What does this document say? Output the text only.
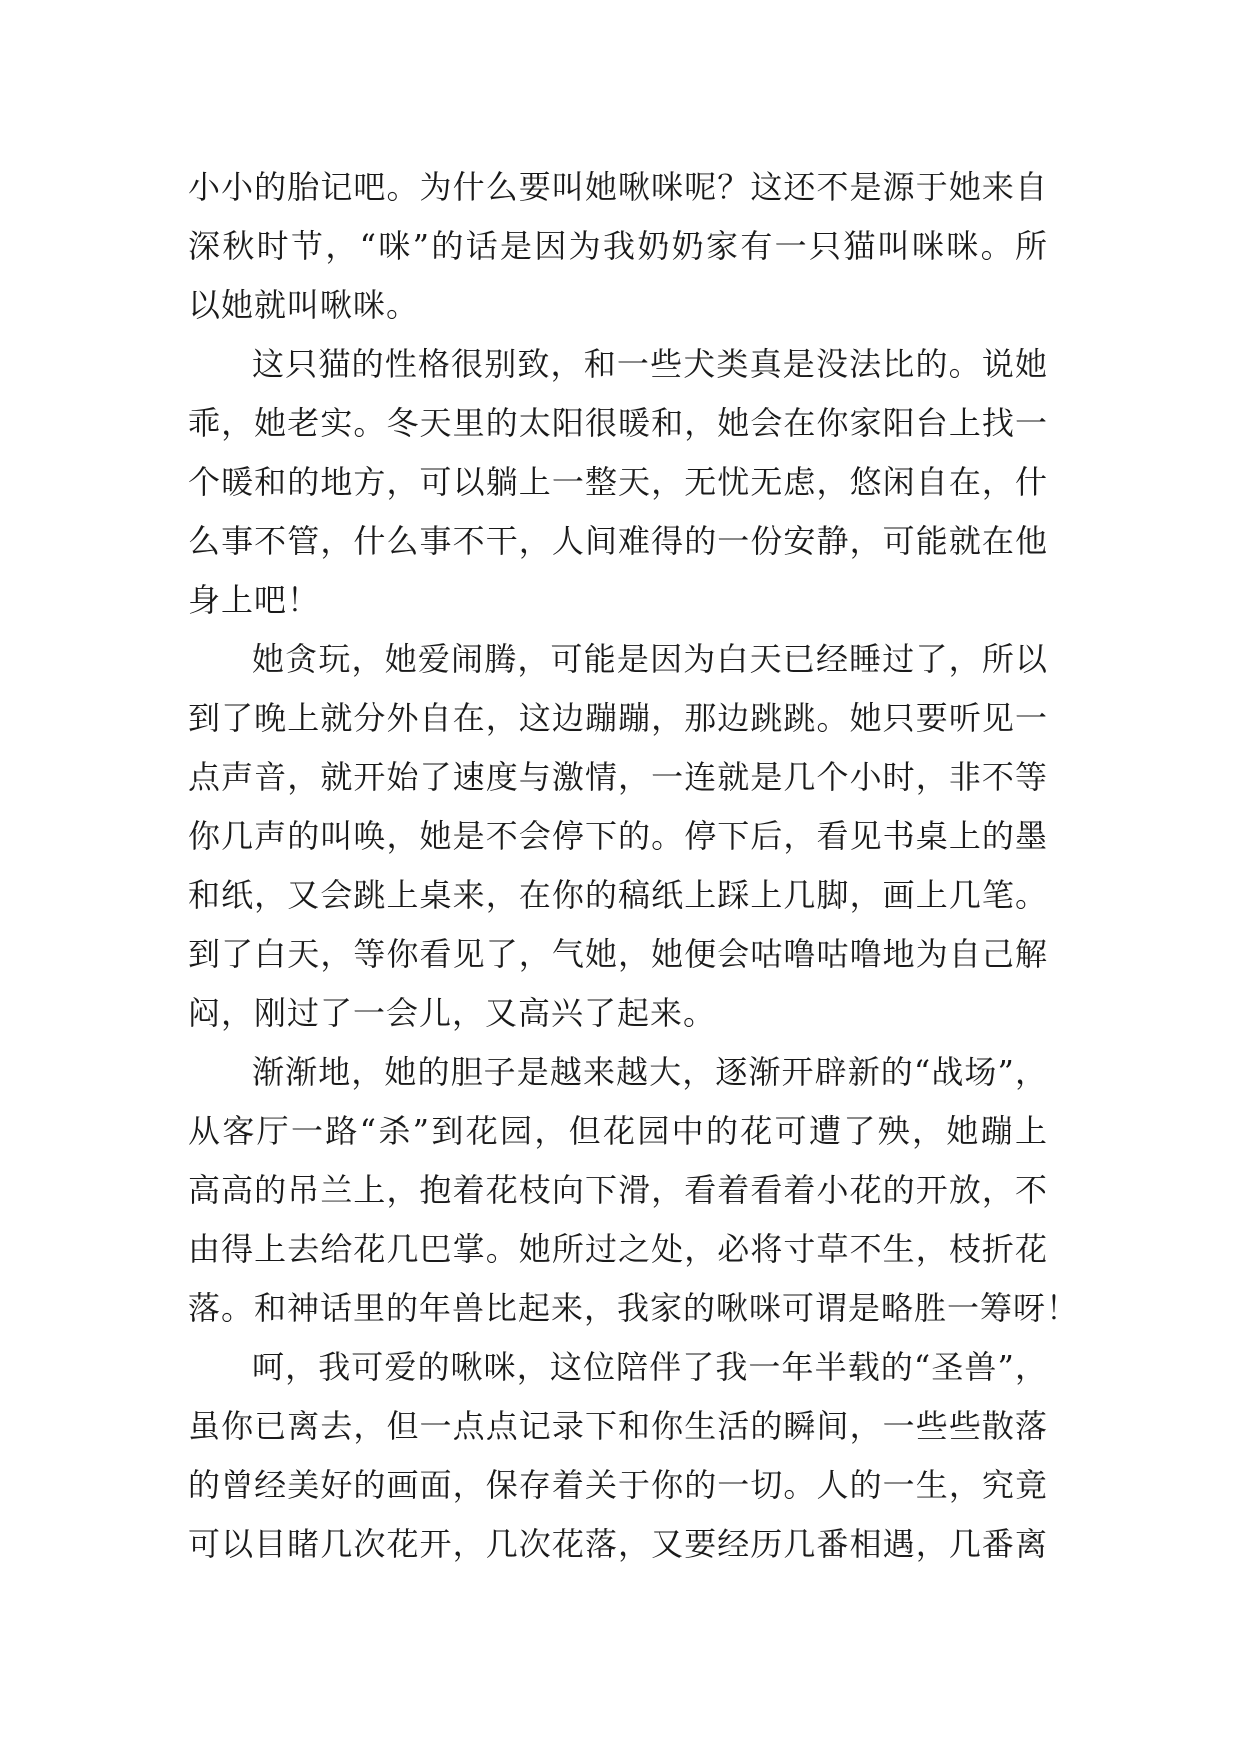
小小的胎记吧。为什么要叫她啾咪呢？这还不是源于她来自
深秋时节，“咪”的话是因为我奶奶家有一只猫叫咪咪。所
以她就叫啾咪。
这只猫的性格很别致，和一些犬类真是没法比的。说她
乖，她老实。冬天里的太阳很暖和，她会在你家阳台上找一
个暖和的地方，可以躺上一整天，无忧无虑，悠闲自在，什
么事不管，什么事不干，人间难得的一份安静，可能就在他
身上吧！
她贪玩，她爱闹腾，可能是因为白天已经睡过了，所以
到了晚上就分外自在，这边蹦蹦，那边跳跳。她只要听见一
点声音，就开始了速度与激情，一连就是几个小时，非不等
你几声的叫唤，她是不会停下的。停下后，看见书桌上的墨
和纸，又会跳上桌来，在你的稿纸上踩上几脚，画上几笔。
到了白天，等你看见了，气她，她便会咕噜咕噜地为自己解
闷，刚过了一会儿，又高兴了起来。
渐渐地，她的胆子是越来越大，逐渐开辟新的“战场”，
从客厅一路“杀”到花园，但花园中的花可遭了殃，她蹦上
高高的吊兰上，抱着花枝向下滑，看着看着小花的开放，不
由得上去给花几巴掌。她所过之处，必将寸草不生，枝折花
落。和神话里的年兽比起来，我家的啾咪可谓是略胜一筹呀！
呵，我可爱的啾咪，这位陪伴了我一年半载的“圣兽”，
虽你已离去，但一点点记录下和你生活的瞬间，一些些散落
的曾经美好的画面，保存着关于你的一切。人的一生，究竟
可以目睹几次花开，几次花落，又要经历几番相遇，几番离
